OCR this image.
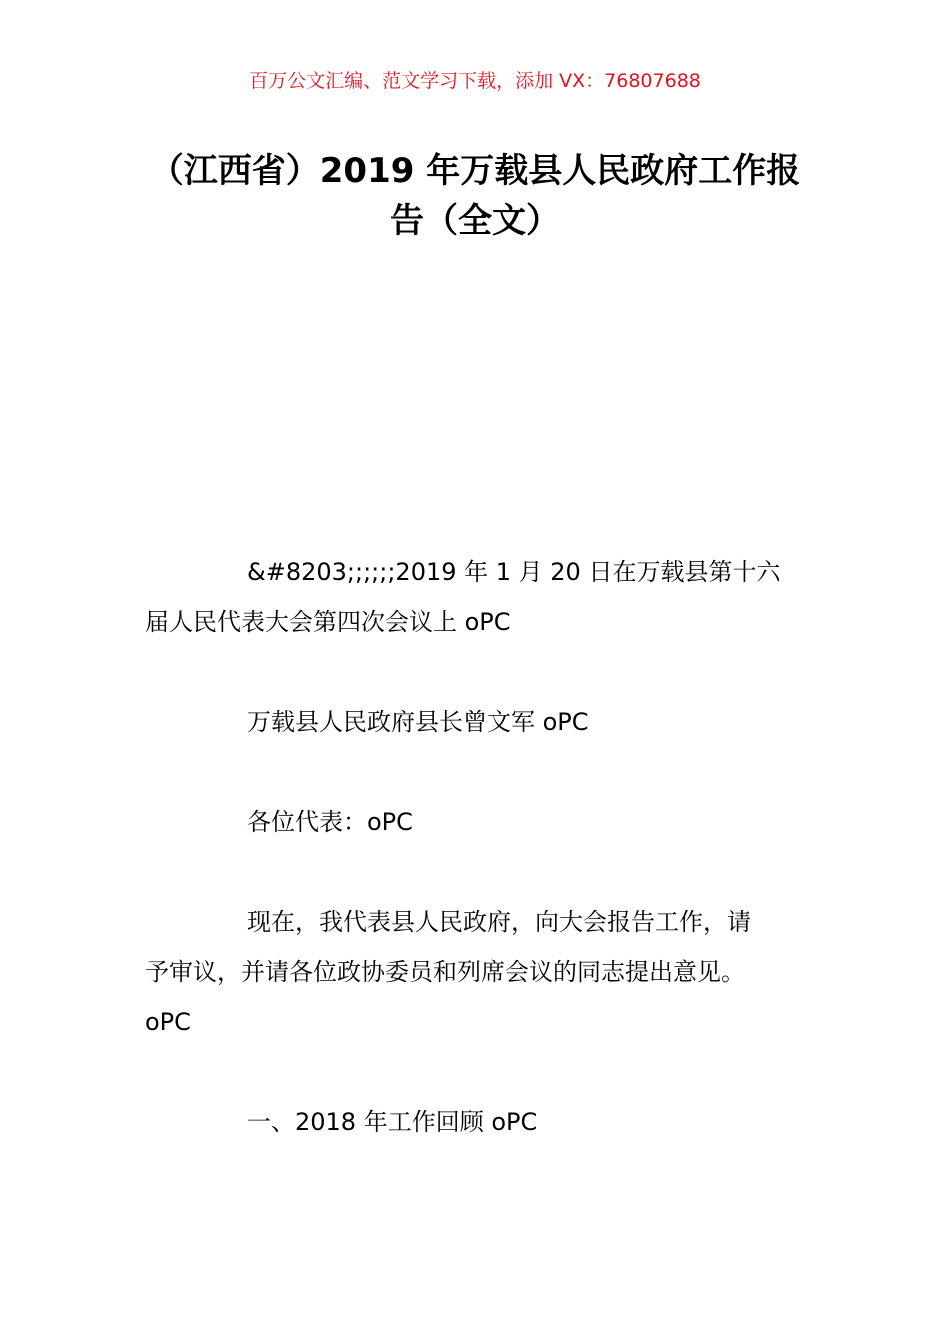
百万公文汇编、范文学习下载，添加 VX：76807688
（江西省）2019 年万载县人民政府工作报
告（全文）

&#8203;;;;;;2019 年 1 月 20 日在万载县第十六
届人民代表大会第四次会议上 oPC

万载县人民政府县长曾文军 oPC

各位代表：oPC

现在，我代表县人民政府，向大会报告工作，请
予审议，并请各位政协委员和列席会议的同志提出意见。
oPC

一、2018 年工作回顾 oPC
